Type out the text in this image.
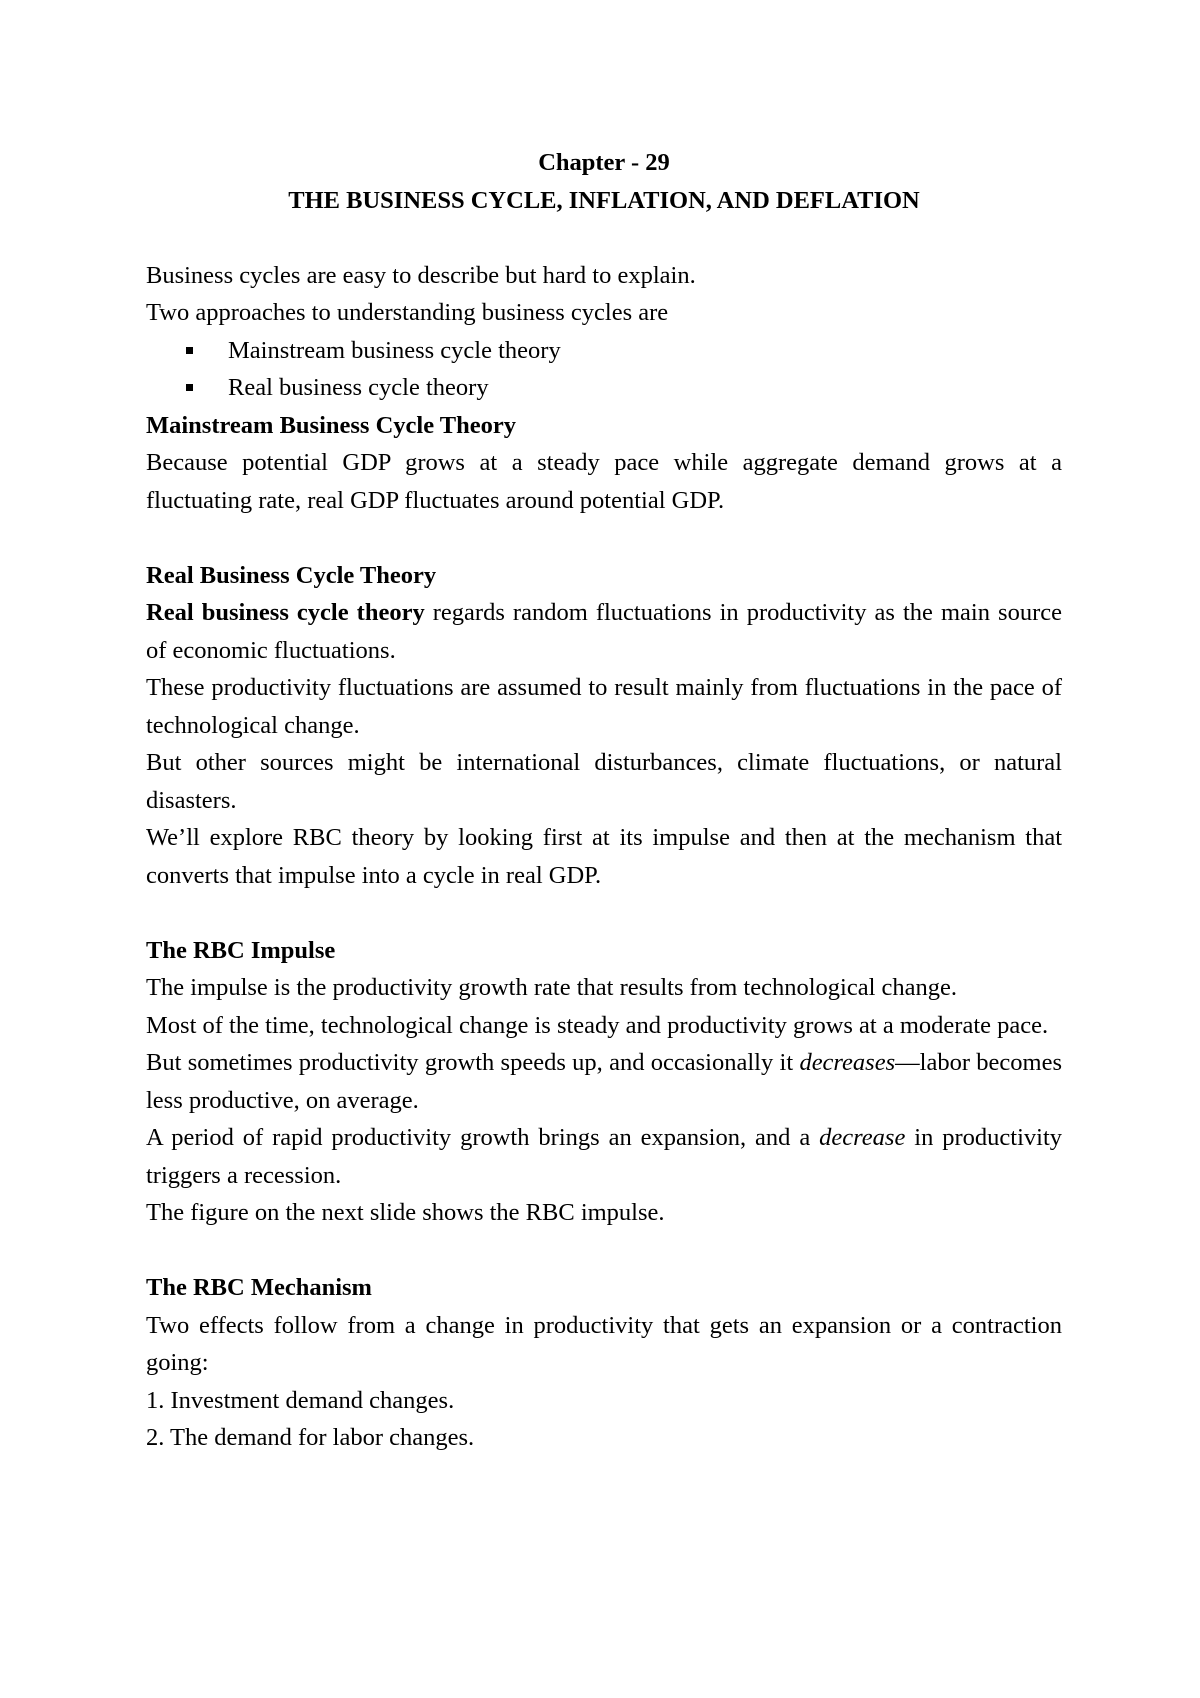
Chapter - 29

THE BUSINESS CYCLE, INFLATION, AND DEFLATION

Business cycles are easy to describe but hard to explain.

Two approaches to understanding business cycles are

Mainstream business cycle theory
Real business cycle theory

Mainstream Business Cycle Theory

Because potential GDP grows at a steady pace while aggregate demand grows at a fluctuating rate, real GDP fluctuates around potential GDP.

Real Business Cycle Theory

Real business cycle theory regards random fluctuations in productivity as the main source of economic fluctuations.

These productivity fluctuations are assumed to result mainly from fluctuations in the pace of technological change.

But other sources might be international disturbances, climate fluctuations, or natural disasters.

We’ll explore RBC theory by looking first at its impulse and then at the mechanism that converts that impulse into a cycle in real GDP.

The RBC Impulse

The impulse is the productivity growth rate that results from technological change.

Most of the time, technological change is steady and productivity grows at a moderate pace.

But sometimes productivity growth speeds up, and occasionally it decreases—labor becomes less productive, on average.

A period of rapid productivity growth brings an expansion, and a decrease in productivity triggers a recession.

The figure on the next slide shows the RBC impulse.

The RBC Mechanism

Two effects follow from a change in productivity that gets an expansion or a contraction going:

1. Investment demand changes.

2. The demand for labor changes.
